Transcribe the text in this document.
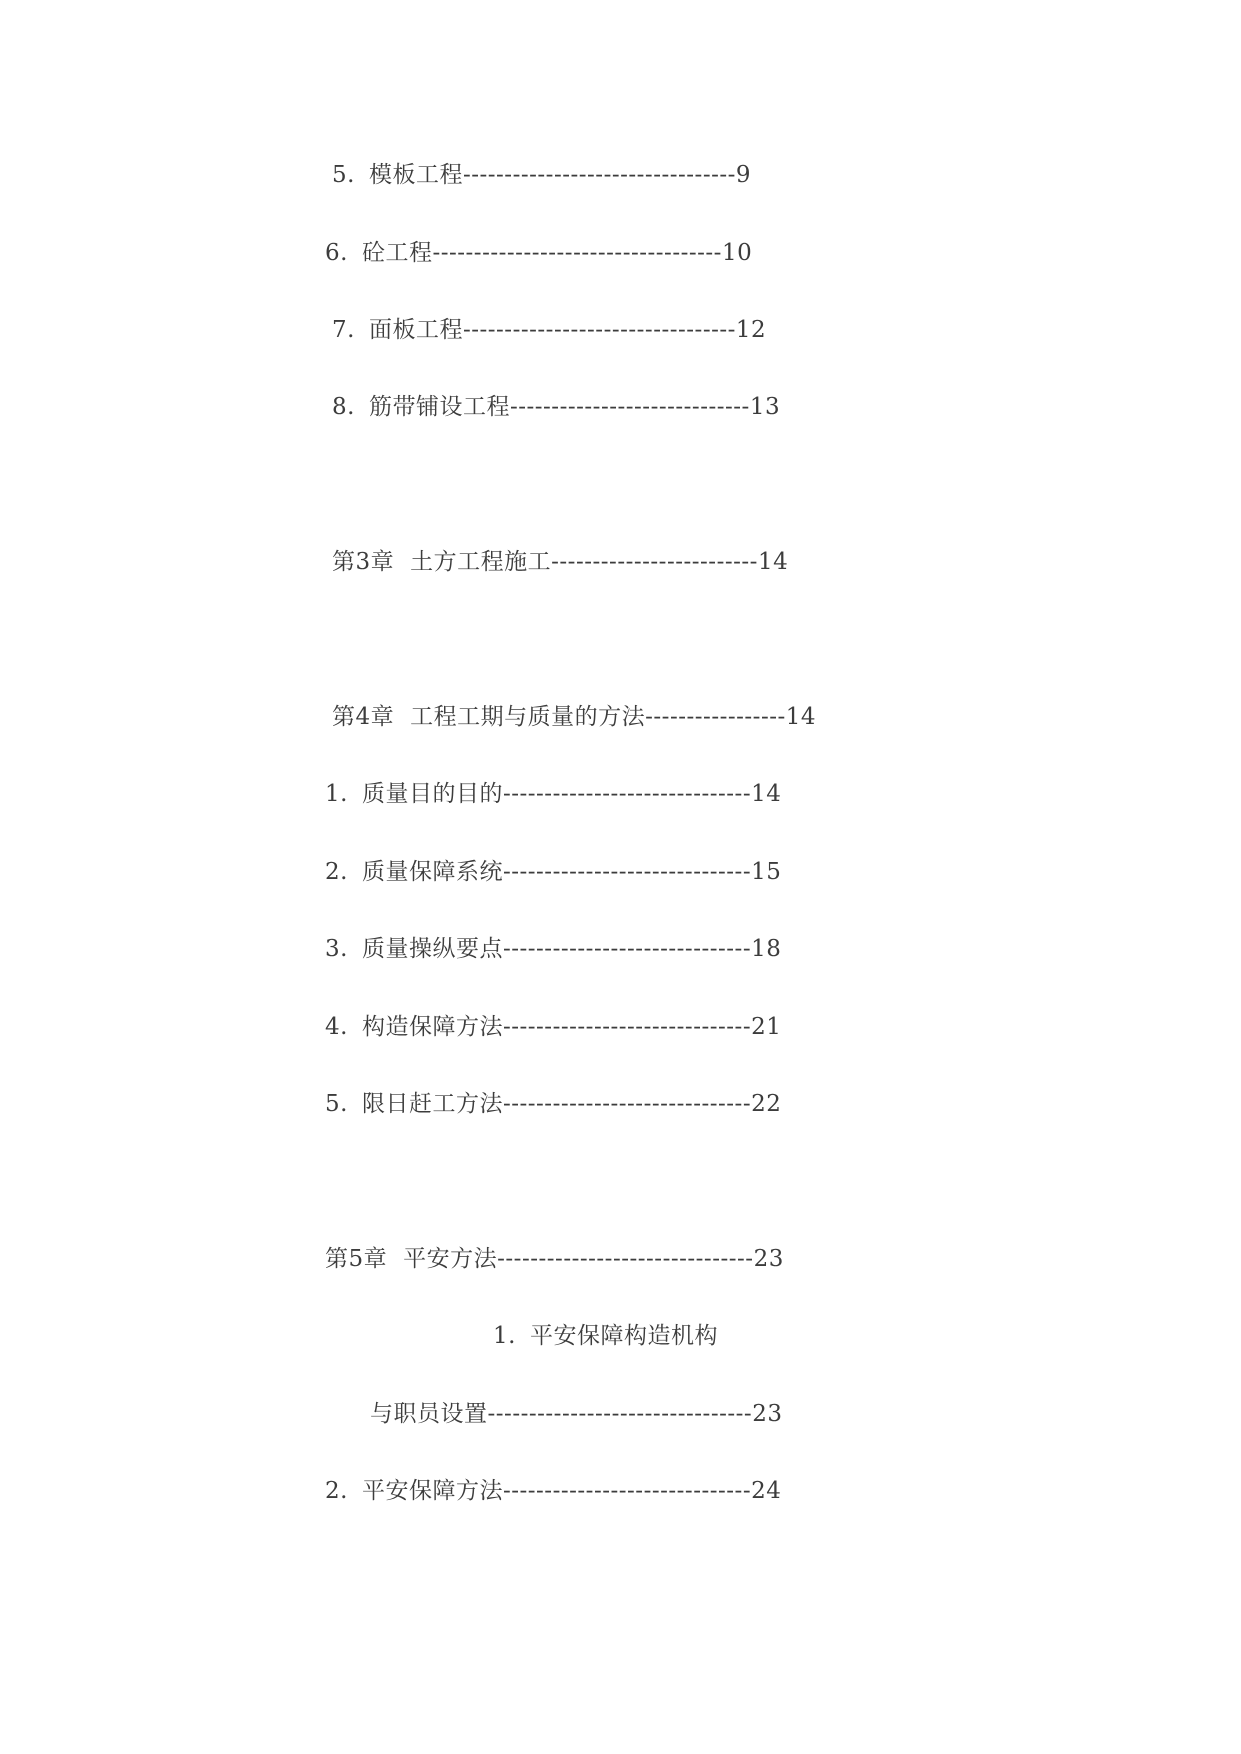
5. 模板工程---------------------------------9
6. 砼工程-----------------------------------10
7. 面板工程---------------------------------12
8. 筋带铺设工程-----------------------------13
第3章 土方工程施工-------------------------14
第4章 工程工期与质量的方法-----------------14
1. 质量目的目的------------------------------14
2. 质量保障系统------------------------------15
3. 质量操纵要点------------------------------18
4. 构造保障方法------------------------------21
5. 限日赶工方法------------------------------22
第5章 平安方法-------------------------------23
1. 平安保障构造机构
与职员设置--------------------------------23
2. 平安保障方法------------------------------24
